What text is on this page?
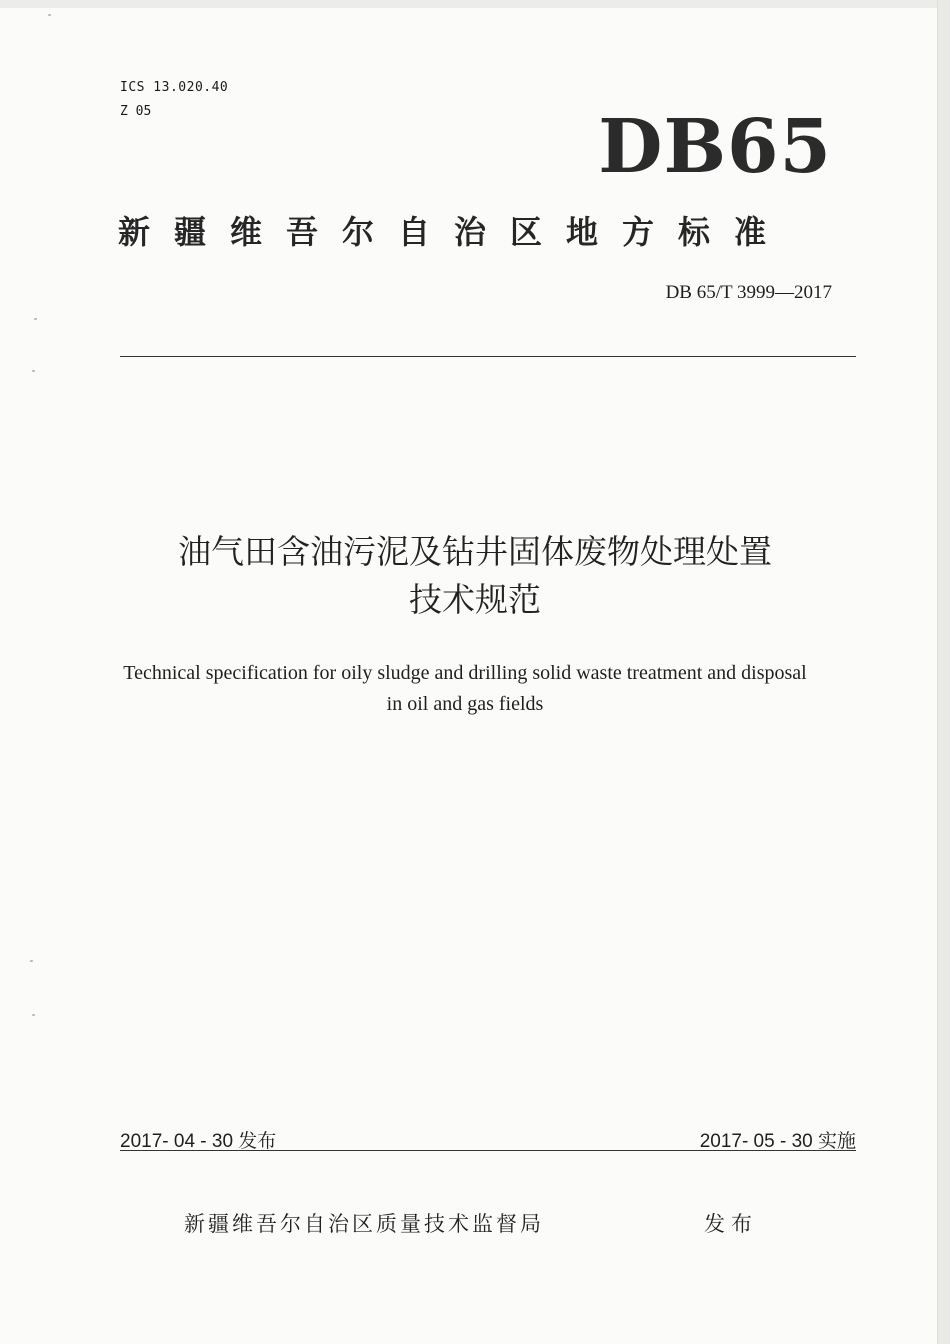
ICS 13.020.40
Z 05	DB65
新疆维吾尔自治区地方标准
DB 65/T 3999—2017
油气田含油污泥及钻井固体废物处理处置
技术规范
Technical specification for oily sludge and drilling solid waste treatment and disposal
in oil and gas fields
2017- 04 - 30 发布	2017- 05 - 30 实施
新疆维吾尔自治区质量技术监督局	发布
